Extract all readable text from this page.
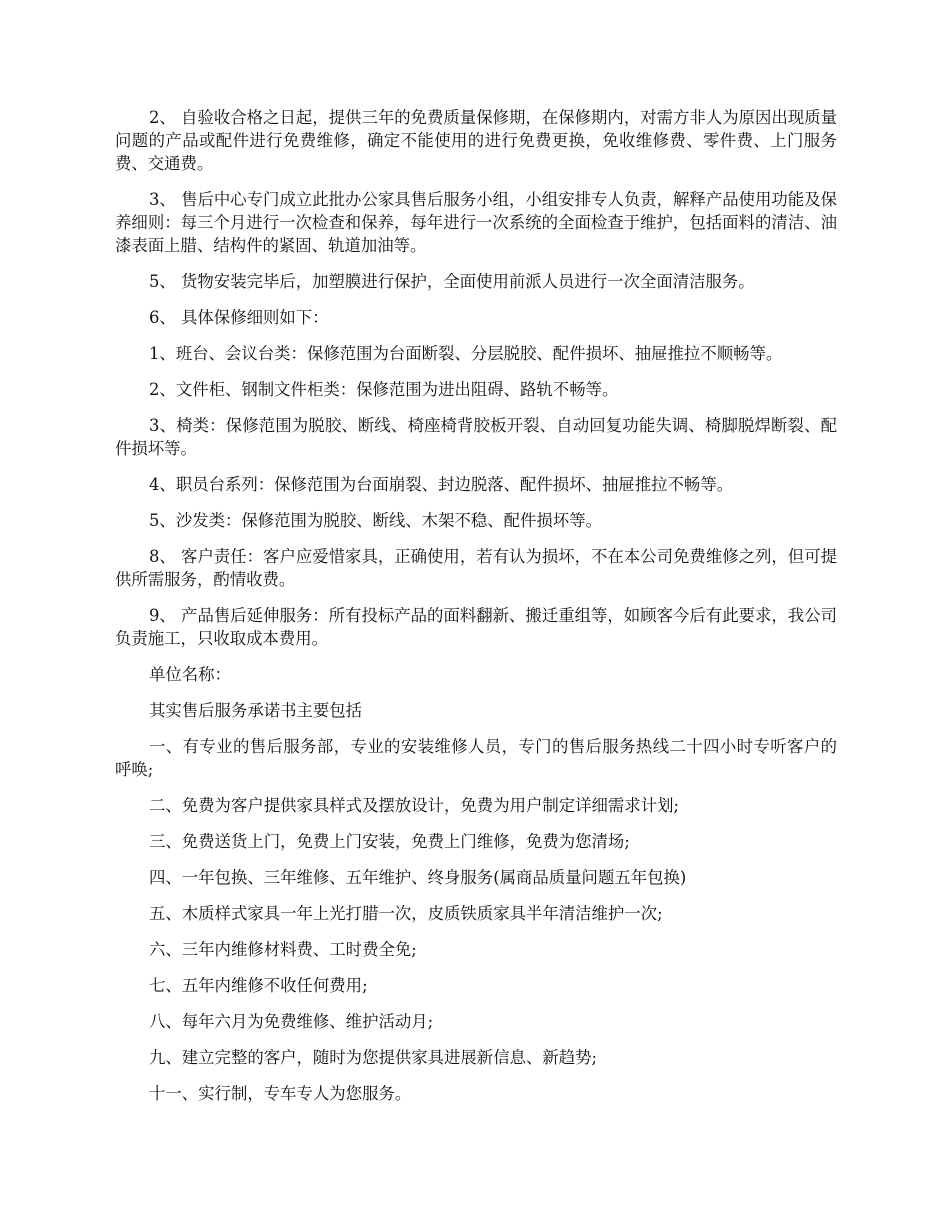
2、 自验收合格之日起，提供三年的免费质量保修期，在保修期内，对需方非人为原因出现质量问题的产品或配件进行免费维修，确定不能使用的进行免费更换，免收维修费、零件费、上门服务费、交通费。

3、 售后中心专门成立此批办公家具售后服务小组，小组安排专人负责，解释产品使用功能及保养细则：每三个月进行一次检查和保养，每年进行一次系统的全面检查于维护，包括面料的清洁、油漆表面上腊、结构件的紧固、轨道加油等。

5、 货物安装完毕后，加塑膜进行保护，全面使用前派人员进行一次全面清洁服务。

6、 具体保修细则如下：

1、班台、会议台类：保修范围为台面断裂、分层脱胶、配件损坏、抽屉推拉不顺畅等。

2、文件柜、钢制文件柜类：保修范围为进出阻碍、路轨不畅等。

3、椅类：保修范围为脱胶、断线、椅座椅背胶板开裂、自动回复功能失调、椅脚脱焊断裂、配件损坏等。

4、职员台系列：保修范围为台面崩裂、封边脱落、配件损坏、抽屉推拉不畅等。

5、沙发类：保修范围为脱胶、断线、木架不稳、配件损坏等。

8、 客户责任：客户应爱惜家具，正确使用，若有认为损坏，不在本公司免费维修之列，但可提供所需服务，酌情收费。

9、 产品售后延伸服务：所有投标产品的面料翻新、搬迁重组等，如顾客今后有此要求，我公司负责施工，只收取成本费用。

单位名称：

其实售后服务承诺书主要包括

一、有专业的售后服务部，专业的安装维修人员，专门的售后服务热线二十四小时专听客户的呼唤;

二、免费为客户提供家具样式及摆放设计，免费为用户制定详细需求计划;

三、免费送货上门，免费上门安装，免费上门维修，免费为您清场;

四、一年包换、三年维修、五年维护、终身服务(属商品质量问题五年包换)

五、木质样式家具一年上光打腊一次，皮质铁质家具半年清洁维护一次;

六、三年内维修材料费、工时费全免;

七、五年内维修不收任何费用;

八、每年六月为免费维修、维护活动月;

九、建立完整的客户，随时为您提供家具进展新信息、新趋势;

十一、实行制，专车专人为您服务。
